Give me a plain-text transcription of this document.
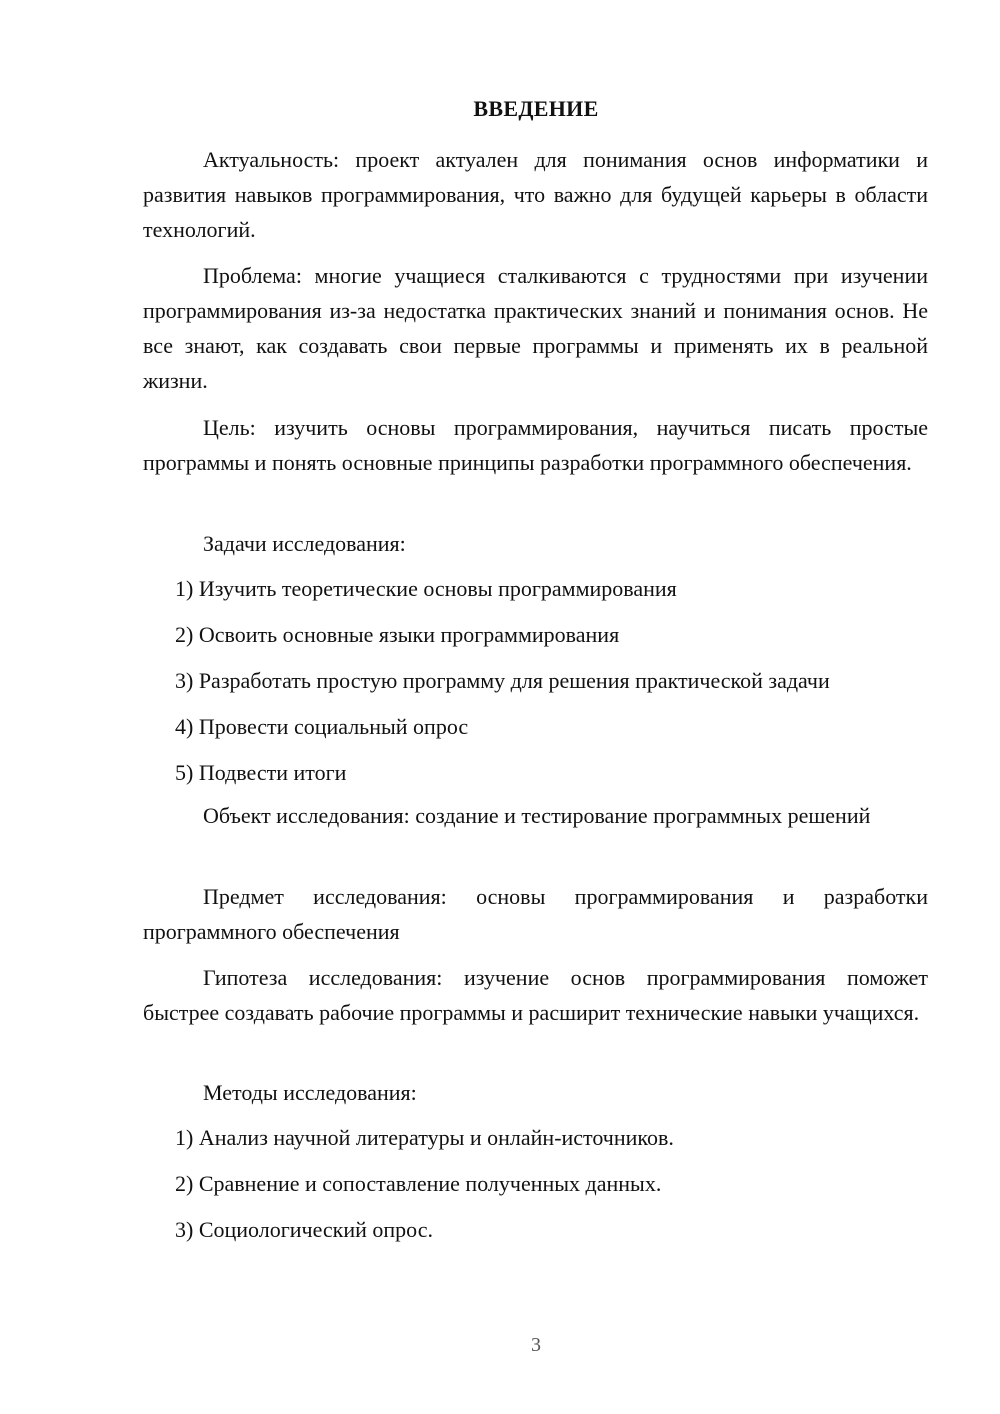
ВВЕДЕНИЕ

Актуальность: проект актуален для понимания основ информатики и развития навыков программирования, что важно для будущей карьеры в области технологий.

Проблема: многие учащиеся сталкиваются с трудностями при изучении программирования из-за недостатка практических знаний и понимания основ. Не все знают, как создавать свои первые программы и применять их в реальной жизни.

Цель: изучить основы программирования, научиться писать простые программы и понять основные принципы разработки программного обеспечения.

Задачи исследования:

1) Изучить теоретические основы программирования

2) Освоить основные языки программирования

3) Разработать простую программу для решения практической задачи

4) Провести социальный опрос

5) Подвести итоги

Объект исследования: создание и тестирование программных решений

Предмет исследования: основы программирования и разработки программного обеспечения

Гипотеза исследования: изучение основ программирования поможет быстрее создавать рабочие программы и расширит технические навыки учащихся.

Методы исследования:

1) Анализ научной литературы и онлайн-источников.

2) Сравнение и сопоставление полученных данных.

3) Социологический опрос.

3
